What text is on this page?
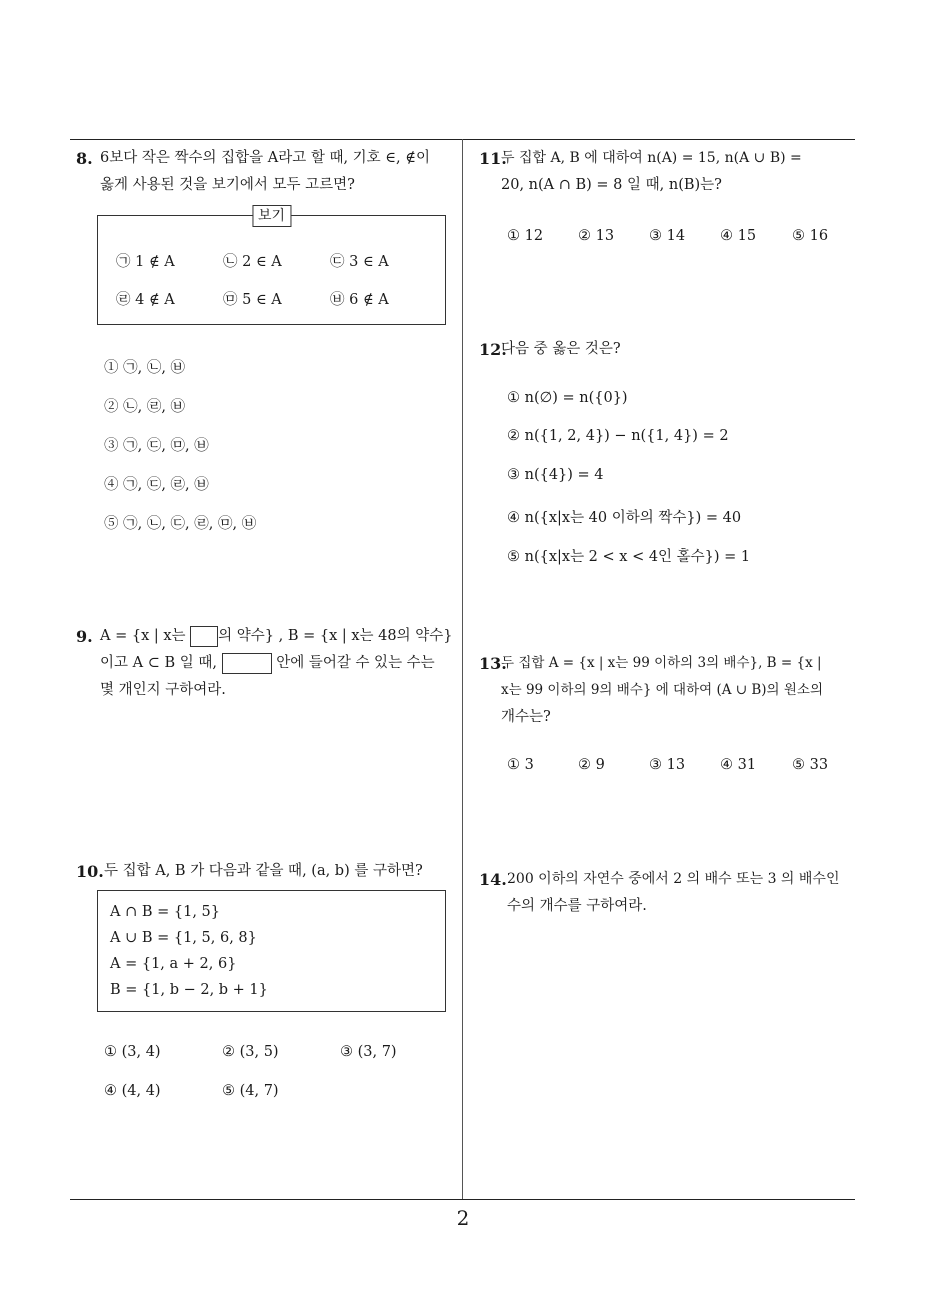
8. 6보다 작은 짝수의 집합을 A라고 할 때, 기호 ∈, ∉이
옳게 사용된 것을 보기에서 모두 고르면?
보기
㉠ 1 ∉ A	㉡ 2 ∈ A	㉢ 3 ∈ A
㉣ 4 ∉ A	㉤ 5 ∈ A	㉥ 6 ∉ A
① ㉠, ㉡, ㉥
② ㉡, ㉣, ㉥
③ ㉠, ㉢, ㉤, ㉥
④ ㉠, ㉢, ㉣, ㉥
⑤ ㉠, ㉡, ㉢, ㉣, ㉤, ㉥
9. A = {x | x는 의 약수} , B = {x | x는 48의 약수}
이고 A ⊂ B 일 때,	안에 들어갈 수 있는 수는
몇 개인지 구하여라.
10. 두 집합 A, B 가 다음과 같을 때, (a, b) 를 구하면?
A ∩ B = {1, 5}
A ∪ B = {1, 5, 6, 8}
A = {1, a + 2, 6}
B = {1, b − 2, b + 1}
① (3, 4)	② (3, 5)	③ (3, 7)
④ (4, 4)	⑤ (4, 7)
11.
두 집합 A, B 에 대하여 n(A) = 15, n(A ∪ B) =
20, n(A ∩ B) = 8 일 때, n(B)는?
① 12 ② 13 ③ 14 ④ 15 ⑤ 16
12.
다음 중 옳은 것은?
① n(∅) = n({0})
② n({1, 2, 4}) − n({1, 4}) = 2
③ n({4}) = 4
④ n({x|x는 40 이하의 짝수}) = 40
⑤ n({x|x는 2 < x < 4인 홀수}) = 1
13.
두 집합 A = {x | x는 99 이하의 3의 배수}, B = {x |
x는 99 이하의 9의 배수} 에 대하여 (A ∪ B)의 원소의
개수는?
① 3	② 9	③ 13 ④ 31 ⑤ 33
14. 200 이하의 자연수 중에서 2 의 배수 또는 3 의 배수인
수의 개수를 구하여라.
2
